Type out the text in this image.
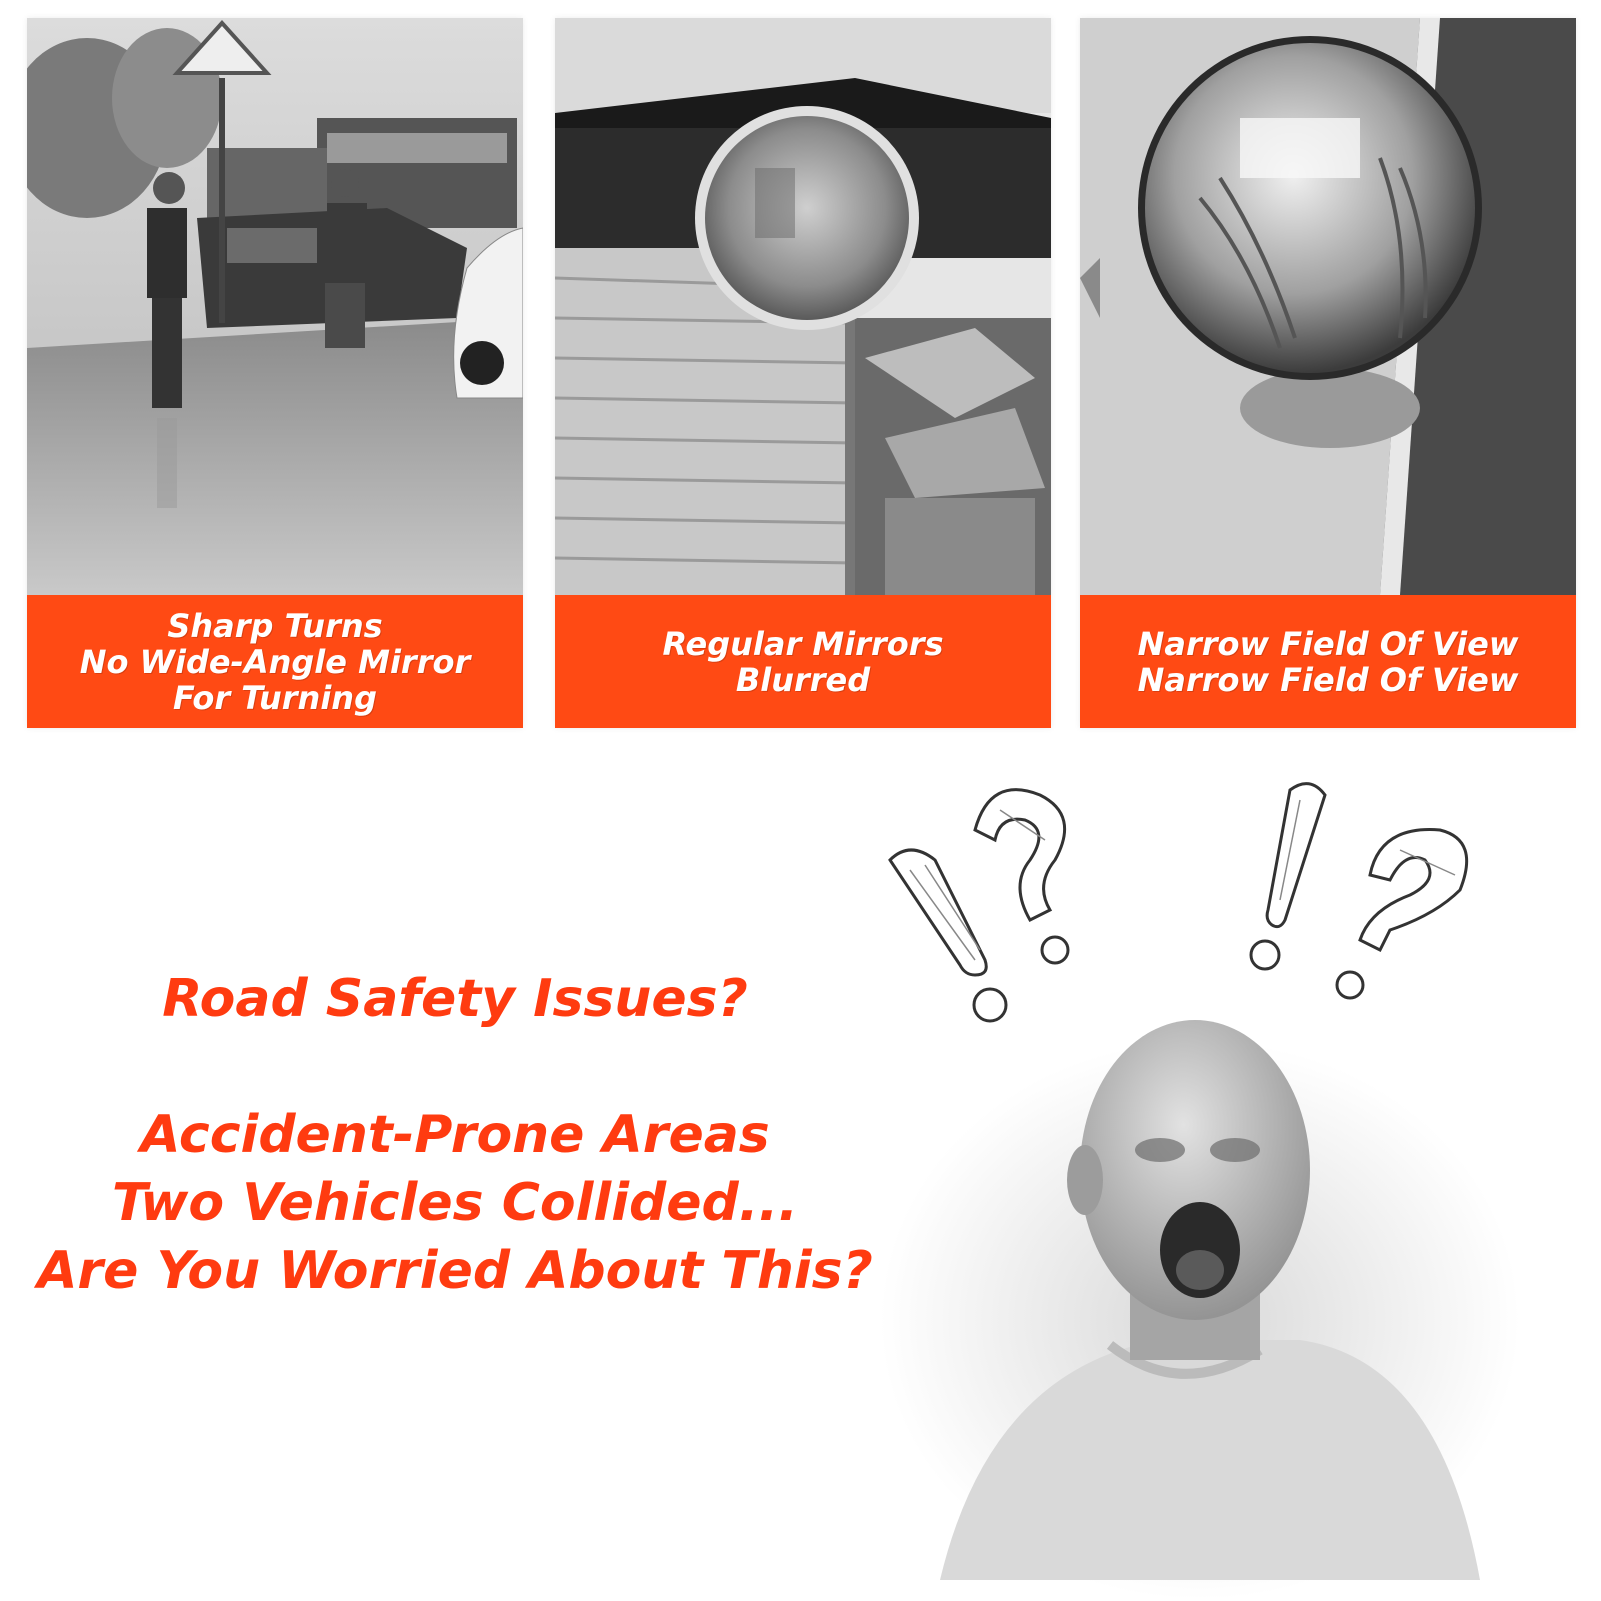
Sharp Turns
No Wide-Angle Mirror
For Turning
Regular Mirrors
Blurred
Narrow Field Of View
Narrow Field Of View
Road Safety Issues?
Accident-Prone Areas
Two Vehicles Collided...
Are You Worried About This?
